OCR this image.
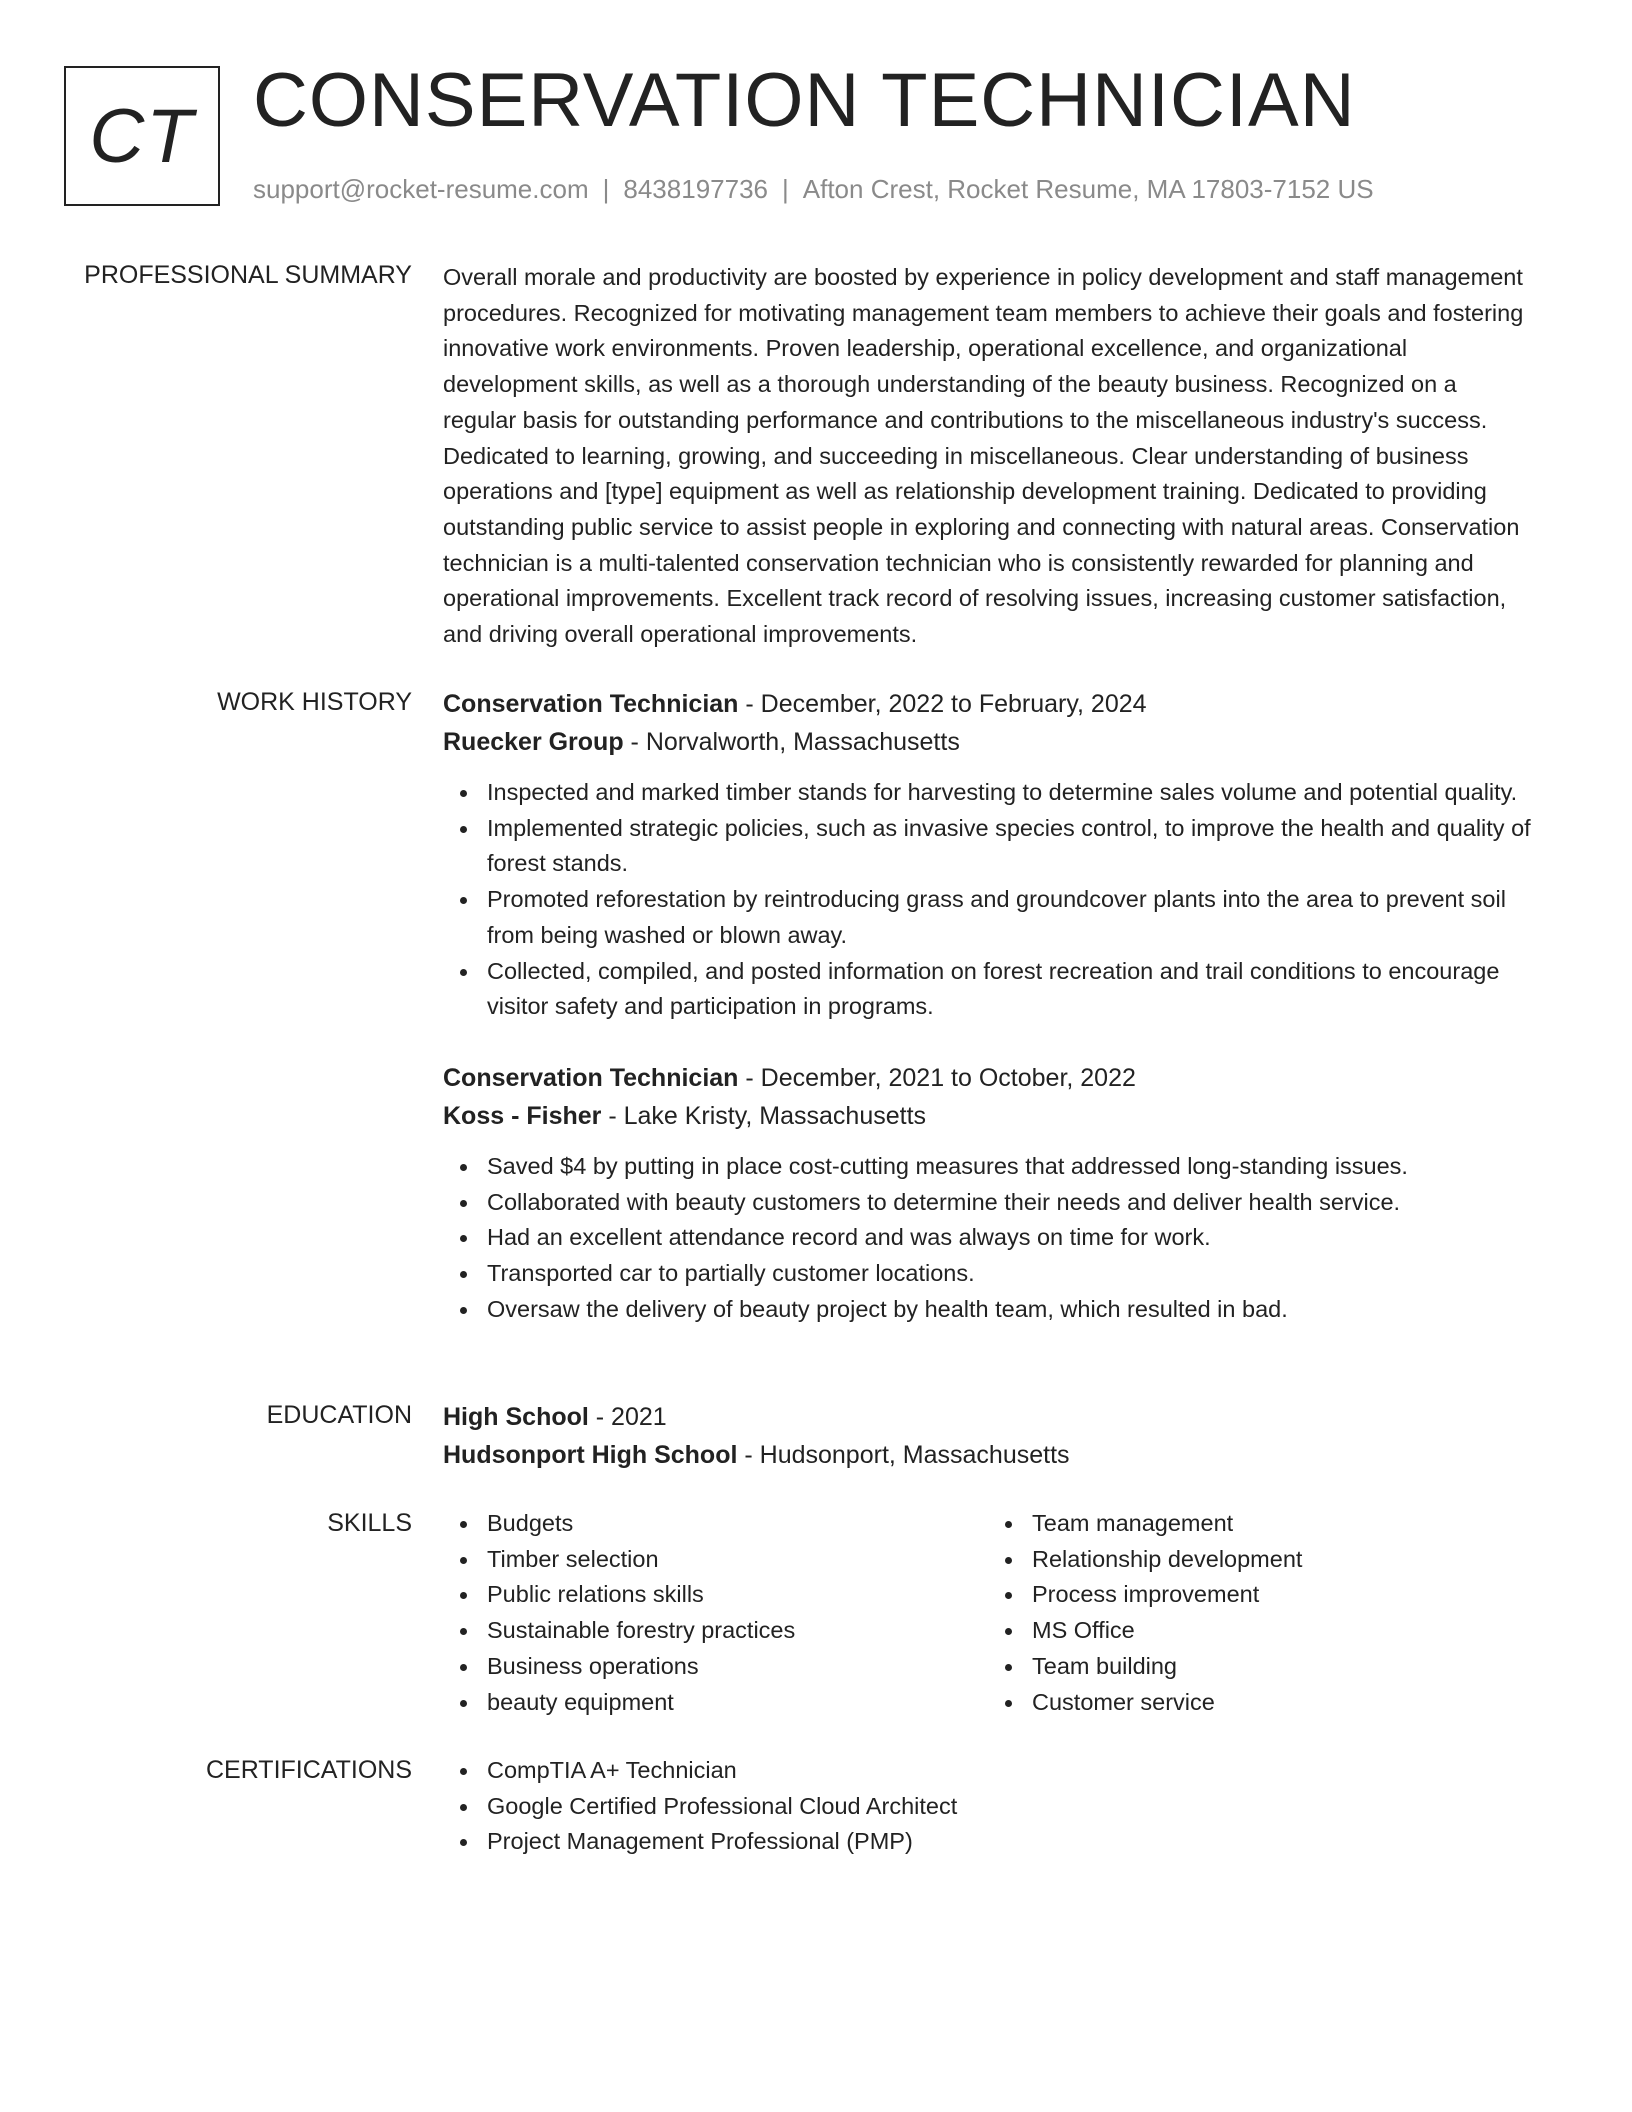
CT CONSERVATION TECHNICIAN
support@rocket-resume.com | 8438197736 | Afton Crest, Rocket Resume, MA 17803-7152 US
PROFESSIONAL SUMMARY Overall morale and productivity are boosted by experience in policy development and staff management procedures. Recognized for motivating management team members to achieve their goals and fostering innovative work environments. Proven leadership, operational excellence, and organizational development skills, as well as a thorough understanding of the beauty business. Recognized on a regular basis for outstanding performance and contributions to the miscellaneous industry's success. Dedicated to learning, growing, and succeeding in miscellaneous. Clear understanding of business operations and [type] equipment as well as relationship development training. Dedicated to providing outstanding public service to assist people in exploring and connecting with natural areas. Conservation technician is a multi-talented conservation technician who is consistently rewarded for planning and operational improvements. Excellent track record of resolving issues, increasing customer satisfaction, and driving overall operational improvements.

WORK HISTORY Conservation Technician - December, 2022 to February, 2024
Ruecker Group - Norvalworth, Massachusetts
Inspected and marked timber stands for harvesting to determine sales volume and potential quality.
Implemented strategic policies, such as invasive species control, to improve the health and quality of forest stands.
Promoted reforestation by reintroducing grass and groundcover plants into the area to prevent soil from being washed or blown away.
Collected, compiled, and posted information on forest recreation and trail conditions to encourage visitor safety and participation in programs.
Conservation Technician - December, 2021 to October, 2022
Koss - Fisher - Lake Kristy, Massachusetts
Saved $4 by putting in place cost-cutting measures that addressed long-standing issues.
Collaborated with beauty customers to determine their needs and deliver health service.
Had an excellent attendance record and was always on time for work.
Transported car to partially customer locations.
Oversaw the delivery of beauty project by health team, which resulted in bad.
EDUCATION High School - 2021
Hudsonport High School - Hudsonport, Massachusetts
SKILLS	Budgets
Timber selection
Public relations skills
Sustainable forestry practices
Business operations
beauty equipment
Team management
Relationship development
Process improvement
MS Office
Team building
Customer service
CERTIFICATIONS	CompTIA A+ Technician
Google Certified Professional Cloud Architect
Project Management Professional (PMP)
